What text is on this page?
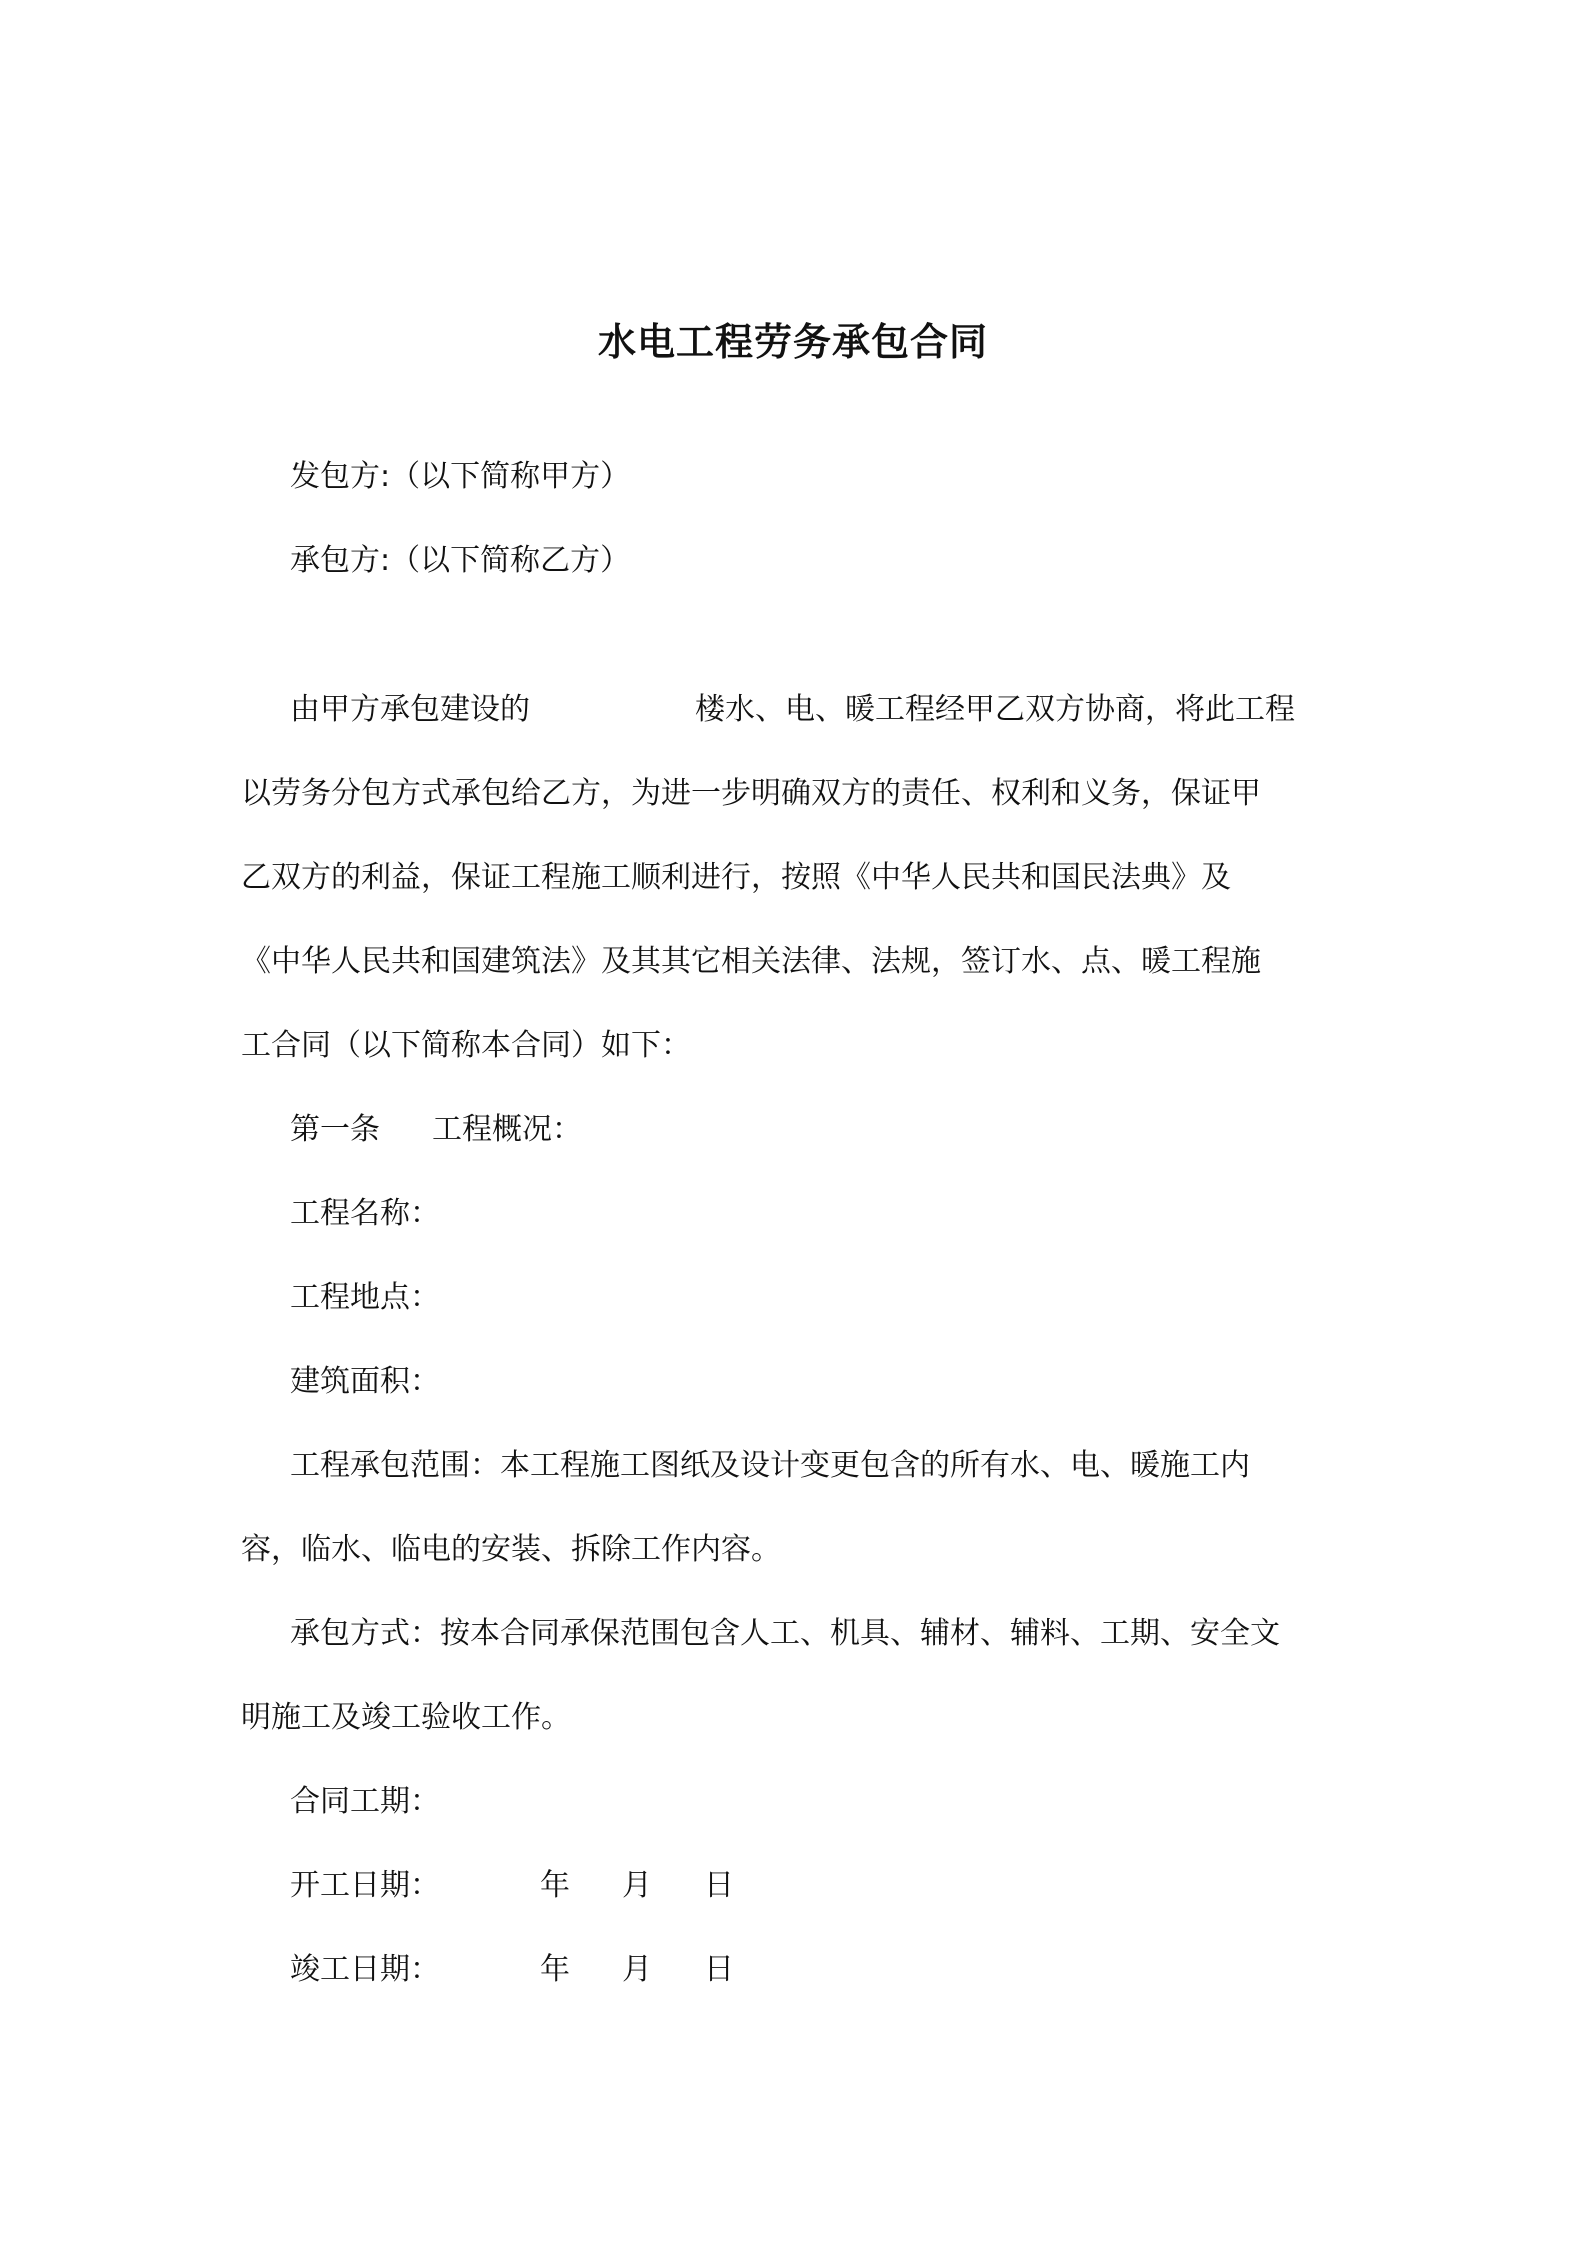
水电工程劳务承包合同
发包方:（以下简称甲方）
承包方:（以下简称乙方）
由甲方承包建设的	楼水、电、暖工程经甲乙双方协商，将此工程
以劳务分包方式承包给乙方，为进一步明确双方的责任、权利和义务，保证甲
乙双方的利益，保证工程施工顺利进行，按照《中华人民共和国民法典》及
《中华人民共和国建筑法》及其其它相关法律、法规，签订水、点、暖工程施
工合同（以下简称本合同）如下：
第一条 工程概况：
工程名称：
工程地点：
建筑面积：
工程承包范围：本工程施工图纸及设计变更包含的所有水、电、暖施工内
容，临水、临电的安装、拆除工作内容。
承包方式：按本合同承保范围包含人工、机具、辅材、辅料、工期、安全文
明施工及竣工验收工作。
合同工期：
开工日期：	年 月 日
竣工日期：	年 月 日
